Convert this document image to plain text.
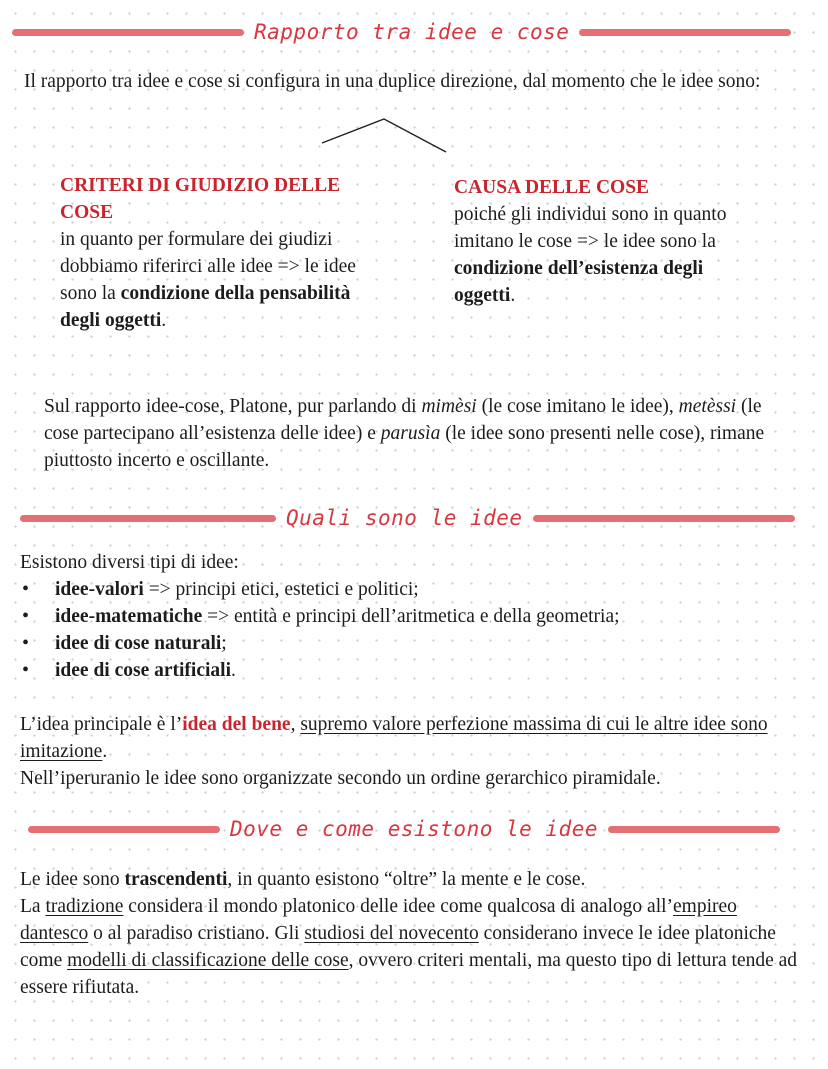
Rapporto tra idee e cose
Il rapporto tra idee e cose si configura in una duplice direzione, dal momento che le idee sono:
CRITERI DI GIUDIZIO DELLE COSE
in quanto per formulare dei giudizi dobbiamo riferirci alle idee => le idee sono la condizione della pensabilità degli oggetti.
CAUSA DELLE COSE
poiché gli individui sono in quanto imitano le cose => le idee sono la condizione dell’esistenza degli oggetti.
Sul rapporto idee-cose, Platone, pur parlando di mimèsi (le cose imitano le idee), metèssi (le cose partecipano all’esistenza delle idee) e parusìa (le idee sono presenti nelle cose), rimane piuttosto incerto e oscillante.
Quali sono le idee
Esistono diversi tipi di idee:
• idee-valori => principi etici, estetici e politici;
• idee-matematiche => entità e principi dell’aritmetica e della geometria;
• idee di cose naturali;
• idee di cose artificiali.
L’idea principale è l’idea del bene, supremo valore perfezione massima di cui le altre idee sono imitazione.
Nell’iperuranio le idee sono organizzate secondo un ordine gerarchico piramidale.
Dove e come esistono le idee
Le idee sono trascendenti, in quanto esistono “oltre” la mente e le cose.
La tradizione considera il mondo platonico delle idee come qualcosa di analogo all’empireo dantesco o al paradiso cristiano. Gli studiosi del novecento considerano invece le idee platoniche come modelli di classificazione delle cose, ovvero criteri mentali, ma questo tipo di lettura tende ad essere rifiutata.
